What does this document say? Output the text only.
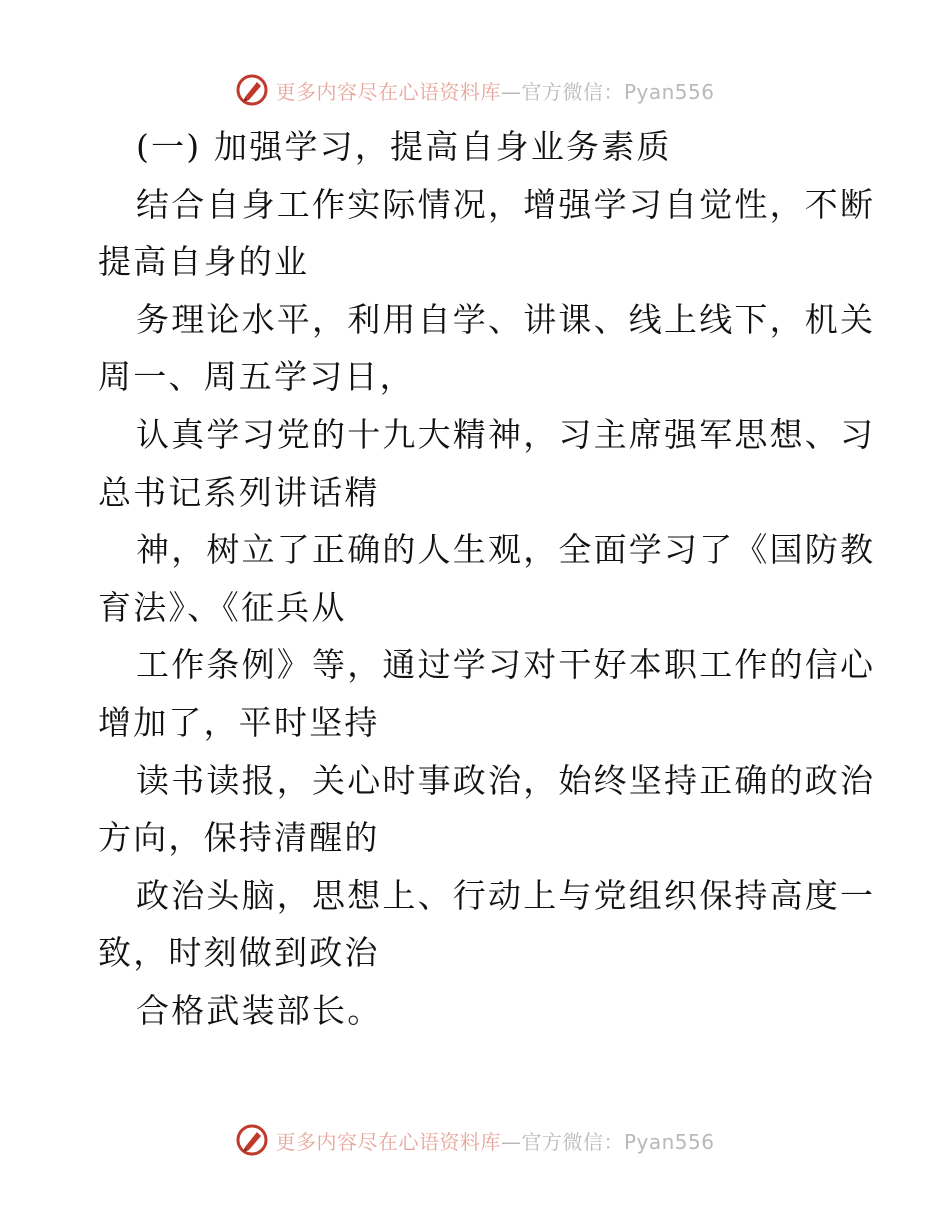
更多内容尽在心语资料库—官方微信：Pyan556
(一) 加强学习，提高自身业务素质
结合自身工作实际情况，增强学习自觉性，不断
提高自身的业
务理论水平，利用自学、讲课、线上线下，机关
周一、周五学习日，
认真学习党的十九大精神，习主席强军思想、习
总书记系列讲话精
神，树立了正确的人生观，全面学习了《国防教
育法》、《征兵从
工作条例》等，通过学习对干好本职工作的信心
增加了，平时坚持
读书读报，关心时事政治，始终坚持正确的政治
方向，保持清醒的
政治头脑，思想上、行动上与党组织保持高度一
致，时刻做到政治
合格武装部长。
更多内容尽在心语资料库—官方微信：Pyan556
